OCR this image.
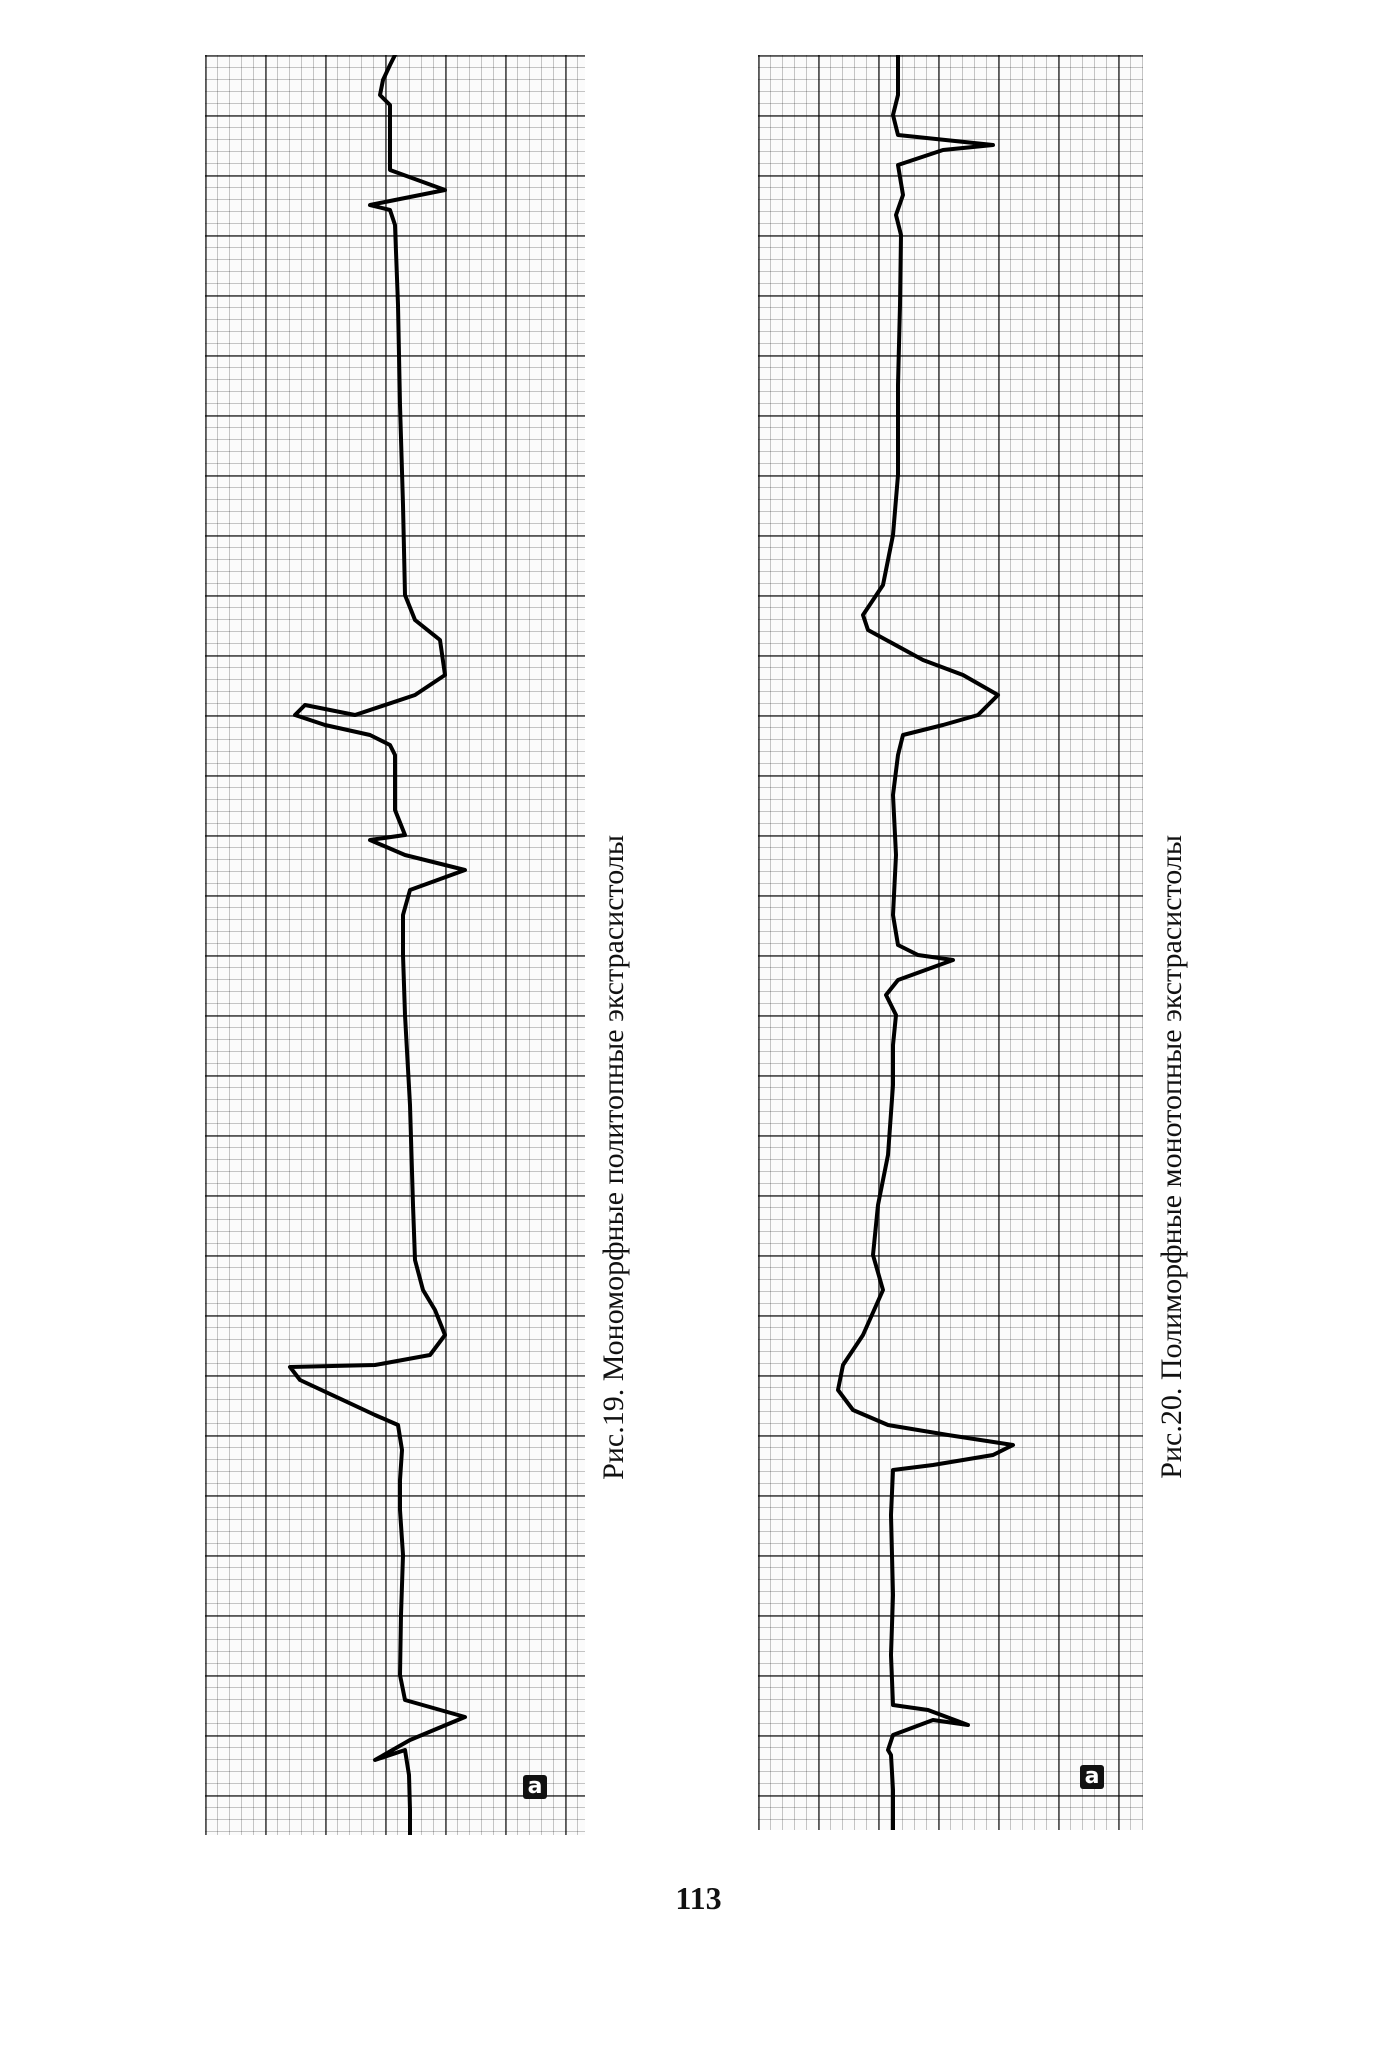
а
Рис.19. Мономорфные политопные экстрасистолы
а
Рис.20. Полиморфные монотопные экстрасистолы
113
